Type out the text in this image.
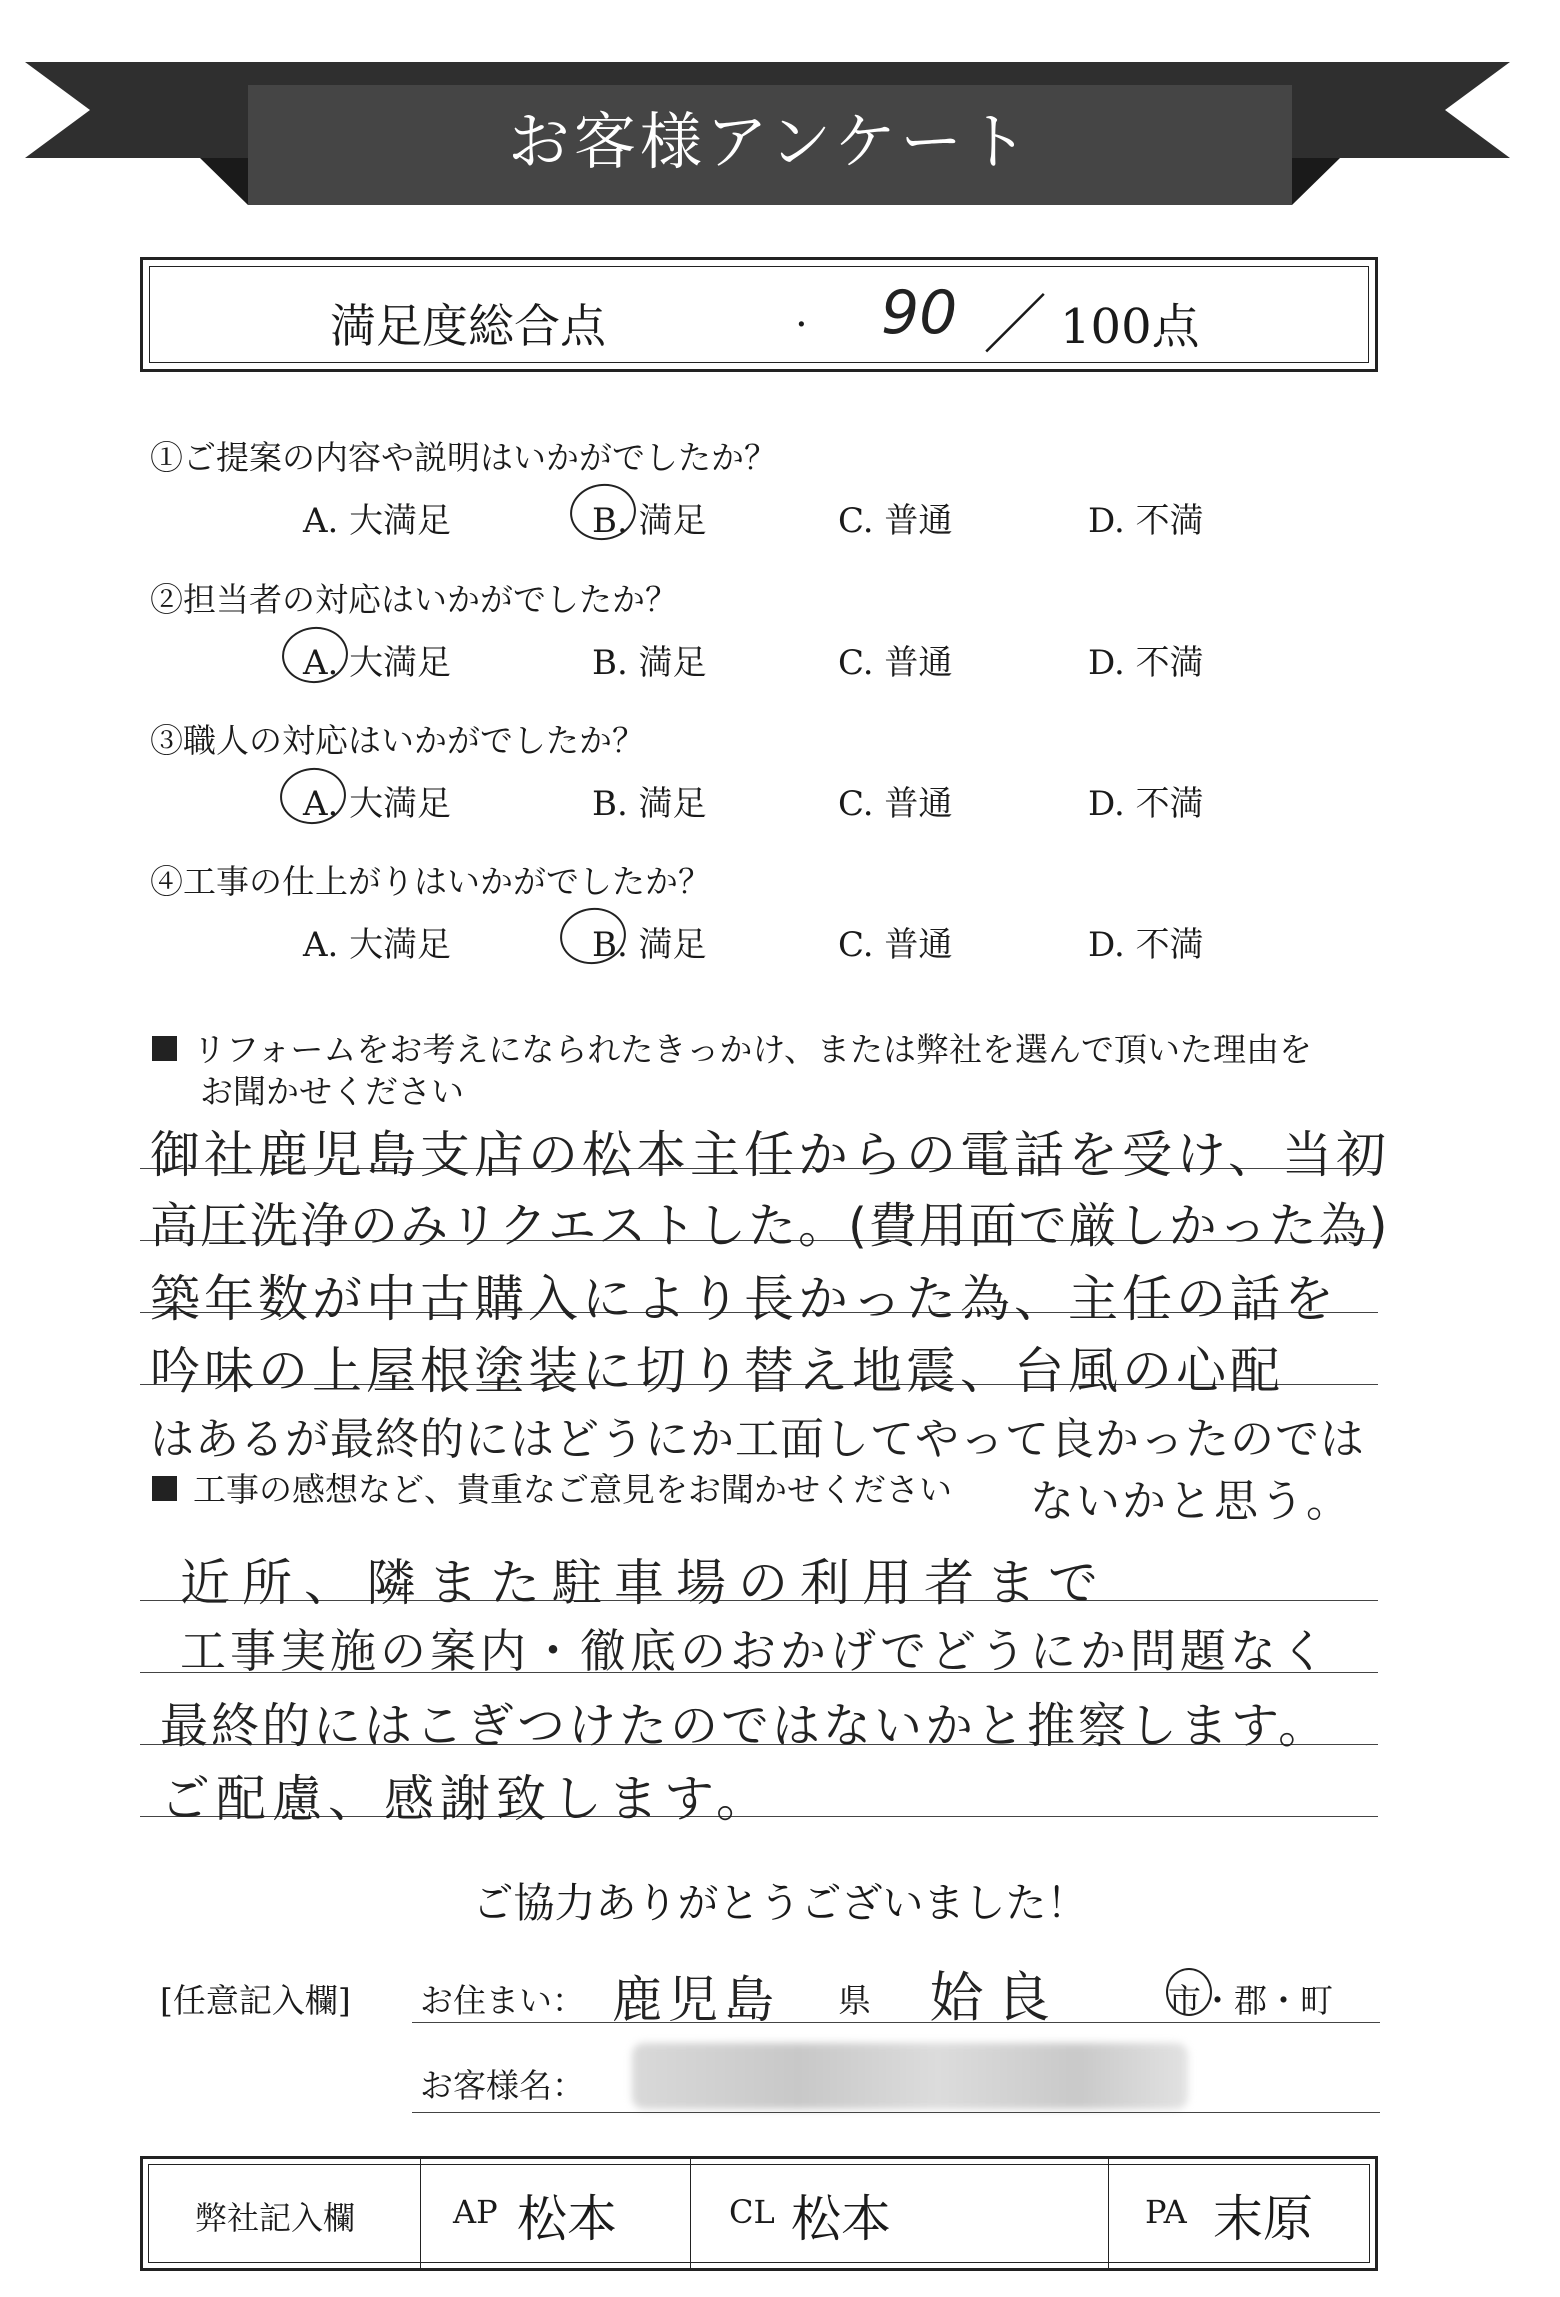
お客様アンケート
満足度総合点	. 90 ／ 100点
①ご提案の内容や説明はいかがでしたか？
A. 大満足	B. 満足	C. 普通	D. 不満
②担当者の対応はいかがでしたか？
A. 大満足	B. 満足	C. 普通	D. 不満
③職人の対応はいかがでしたか？
A. 大満足	B. 満足	C. 普通	D. 不満
④工事の仕上がりはいかがでしたか？
A. 大満足	B. 満足	C. 普通	D. 不満
リフォームをお考えになられたきっかけ、または弊社を選んで頂いた理由を
お聞かせください
御社鹿児島支店の松本主任からの電話を受け、当初
高圧洗浄のみリクエストした。(費用面で厳しかった為)
築年数が中古購入により長かった為、主任の話を
吟味の上屋根塗装に切り替え地震、台風の心配
はあるが最終的にはどうにか工面してやって良かったのでは
ないかと思う。
工事の感想など、貴重なご意見をお聞かせください
近所、隣また駐車場の利用者まで
工事実施の案内・徹底のおかげでどうにか問題なく
最終的にはこぎつけたのではないかと推察します。
ご配慮、感謝致します。
ご協力ありがとうございました！
[任意記入欄] お住まい： 鹿児島 県 姶良	市・郡・町
お客様名：
弊社記入欄	AP 松本	CL 松本	PA 末原
